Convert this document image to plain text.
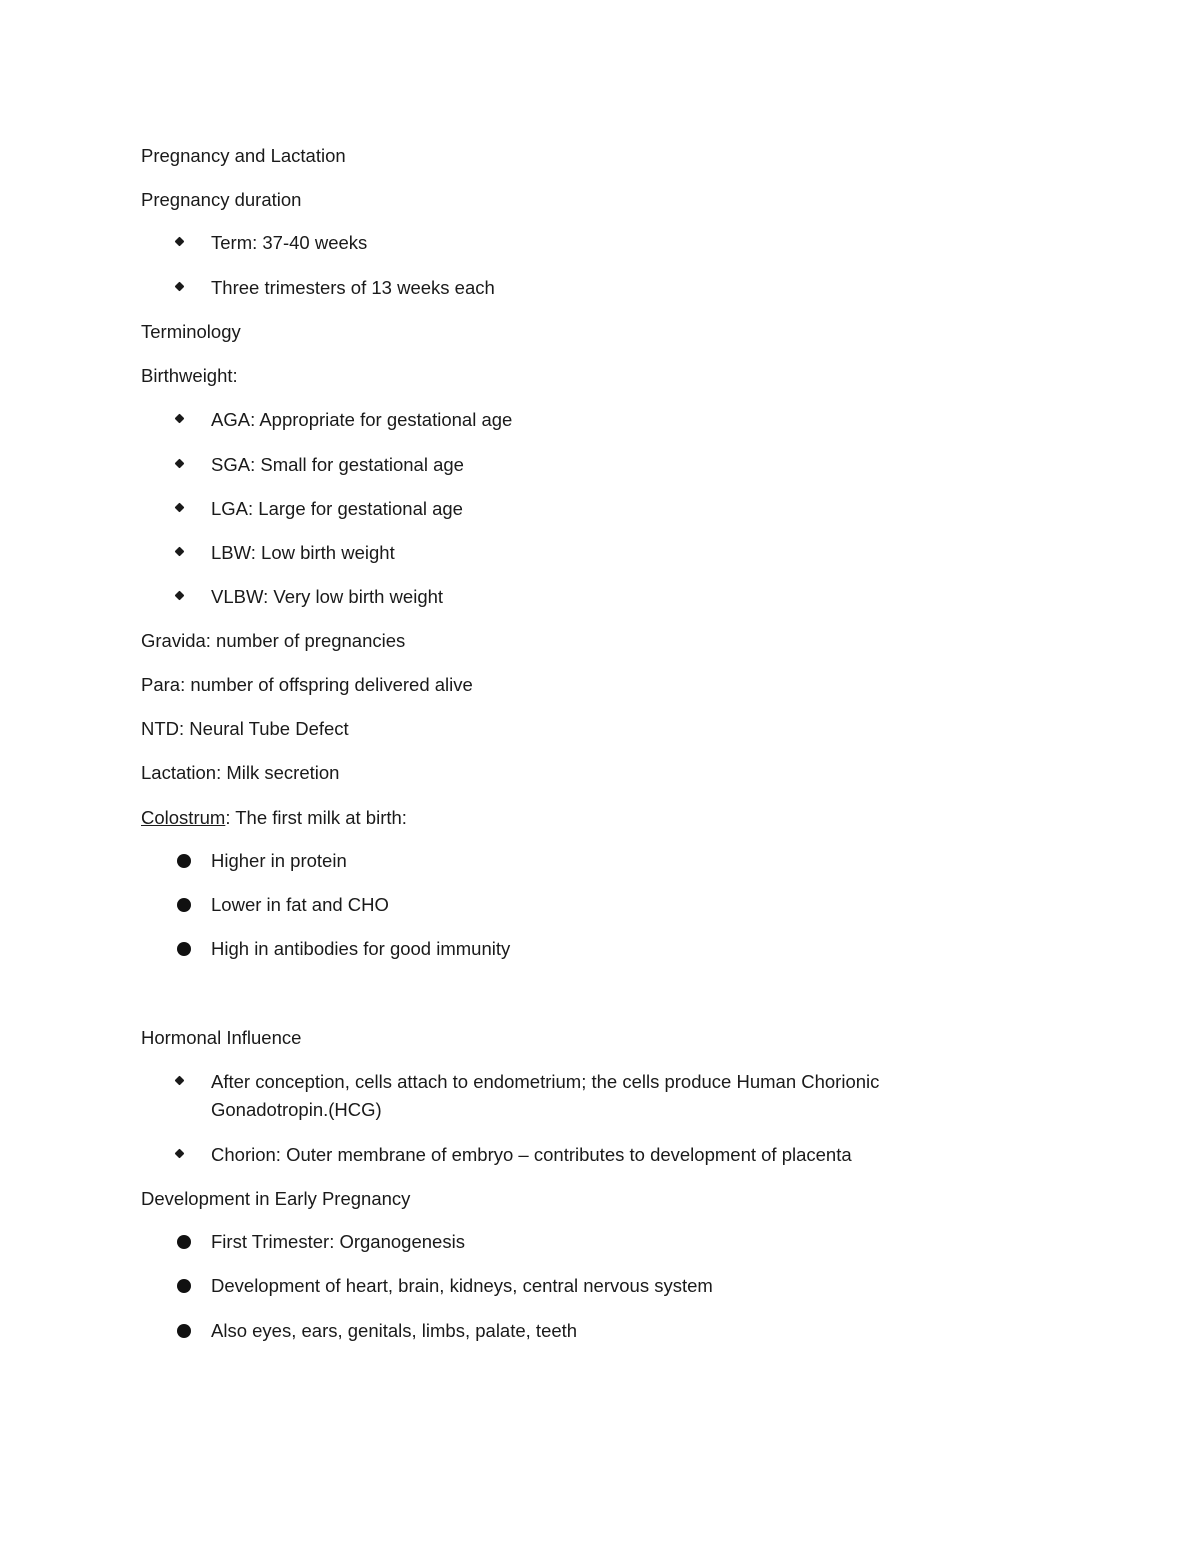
Pregnancy and Lactation
Pregnancy duration
Term: 37-40 weeks
Three trimesters of 13 weeks each
Terminology
Birthweight:
AGA: Appropriate for gestational age
SGA: Small for gestational age
LGA: Large for gestational age
LBW: Low birth weight
VLBW: Very low birth weight
Gravida: number of pregnancies
Para: number of offspring delivered alive
NTD: Neural Tube Defect
Lactation: Milk secretion
Colostrum: The first milk at birth:
Higher in protein
Lower in fat and CHO
High in antibodies for good immunity
Hormonal Influence
After conception, cells attach to endometrium; the cells produce Human Chorionic Gonadotropin.(HCG)
Chorion: Outer membrane of embryo – contributes to development of placenta
Development in Early Pregnancy
First Trimester: Organogenesis
Development of heart, brain, kidneys, central nervous system
Also eyes, ears, genitals, limbs, palate, teeth
